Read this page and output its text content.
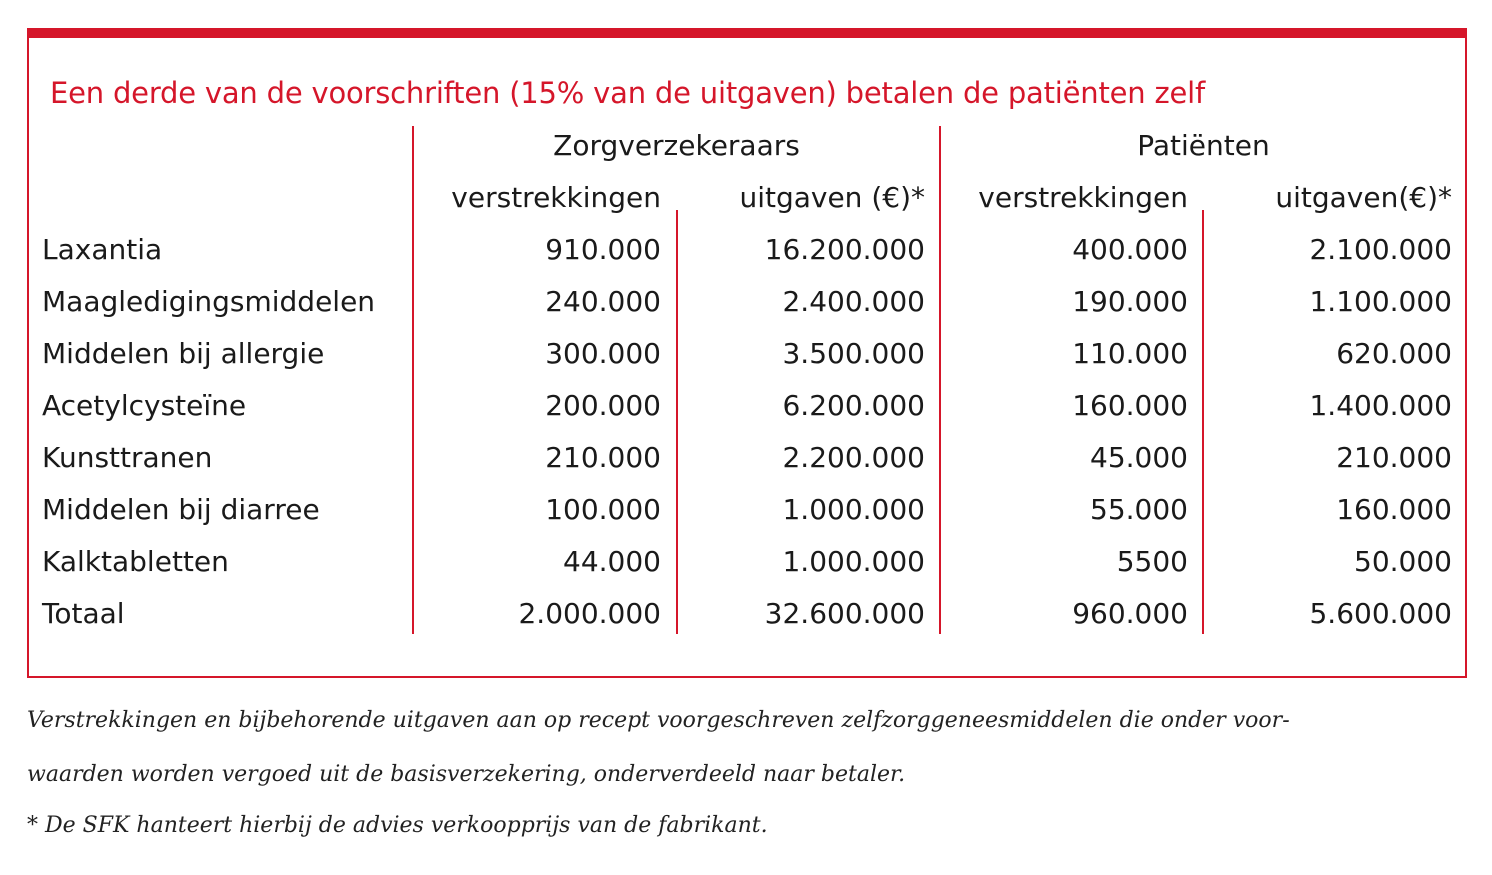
Een derde van de voorschriften (15% van de uitgaven) betalen de patiënten zelf
Zorgverzekeraars	Patiënten
verstrekkingen	uitgaven (€)*	verstrekkingen	uitgaven(€)*
Laxantia	910.000	16.200.000	400.000	2.100.000
Maagledigingsmiddelen	240.000	2.400.000	190.000	1.100.000
Middelen bij allergie	300.000	3.500.000	110.000	620.000
Acetylcysteïne	200.000	6.200.000	160.000	1.400.000
Kunsttranen	210.000	2.200.000	45.000	210.000
Middelen bij diarree	100.000	1.000.000	55.000	160.000
Kalktabletten	44.000	1.000.000	5500	50.000
Totaal	2.000.000	32.600.000	960.000	5.600.000
Verstrekkingen en bijbehorende uitgaven aan op recept voorgeschreven zelfzorggeneesmiddelen die onder voor-
waarden worden vergoed uit de basisverzekering, onderverdeeld naar betaler.
* De SFK hanteert hierbij de advies verkoopprijs van de fabrikant.
